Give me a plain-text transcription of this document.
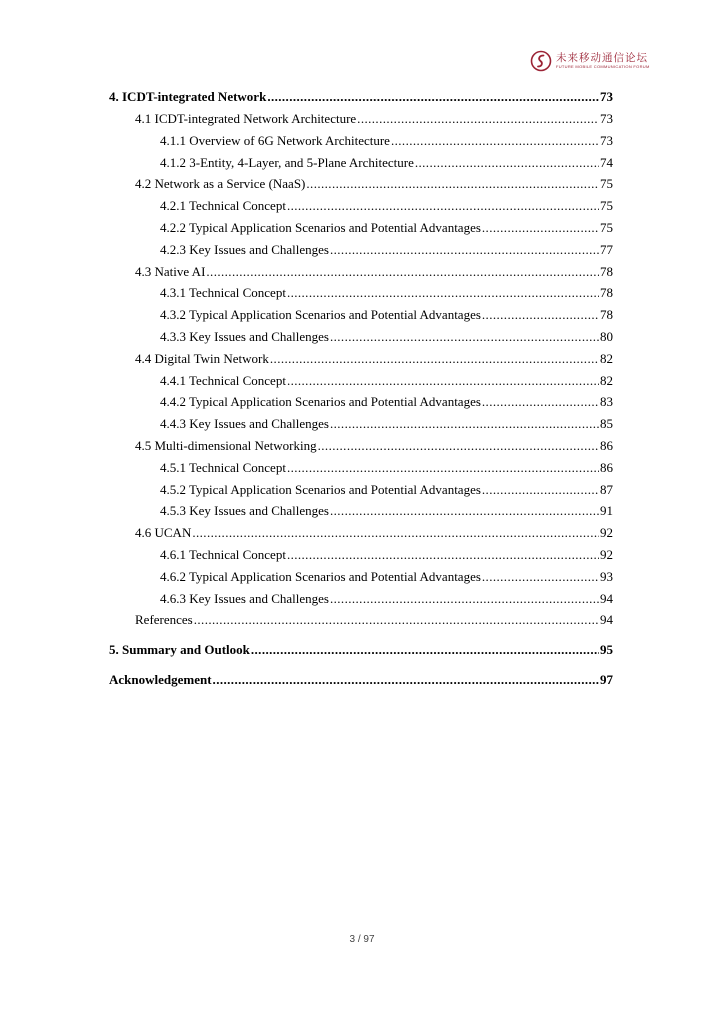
未来移动通信论坛
FUTURE MOBILE COMMUNICATION FORUM
4. ICDT-integrated Network .....	73
4.1 ICDT-integrated Network Architecture .....	73
4.1.1 Overview of 6G Network Architecture .....	73
4.1.2 3-Entity, 4-Layer, and 5-Plane Architecture .....	74
4.2 Network as a Service (NaaS) .....	75
4.2.1 Technical Concept .....	75
4.2.2 Typical Application Scenarios and Potential Advantages .....	75
4.2.3 Key Issues and Challenges .....	77
4.3 Native AI .....	78
4.3.1 Technical Concept .....	78
4.3.2 Typical Application Scenarios and Potential Advantages .....	78
4.3.3 Key Issues and Challenges .....	80
4.4 Digital Twin Network .....	82
4.4.1 Technical Concept .....	82
4.4.2 Typical Application Scenarios and Potential Advantages .....	83
4.4.3 Key Issues and Challenges .....	85
4.5 Multi-dimensional Networking .....	86
4.5.1 Technical Concept .....	86
4.5.2 Typical Application Scenarios and Potential Advantages .....	87
4.5.3 Key Issues and Challenges .....	91
4.6 UCAN .....	92
4.6.1 Technical Concept .....	92
4.6.2 Typical Application Scenarios and Potential Advantages .....	93
4.6.3 Key Issues and Challenges .....	94
References .....	94
5. Summary and Outlook .....	95
Acknowledgement .....	97
3 / 97
